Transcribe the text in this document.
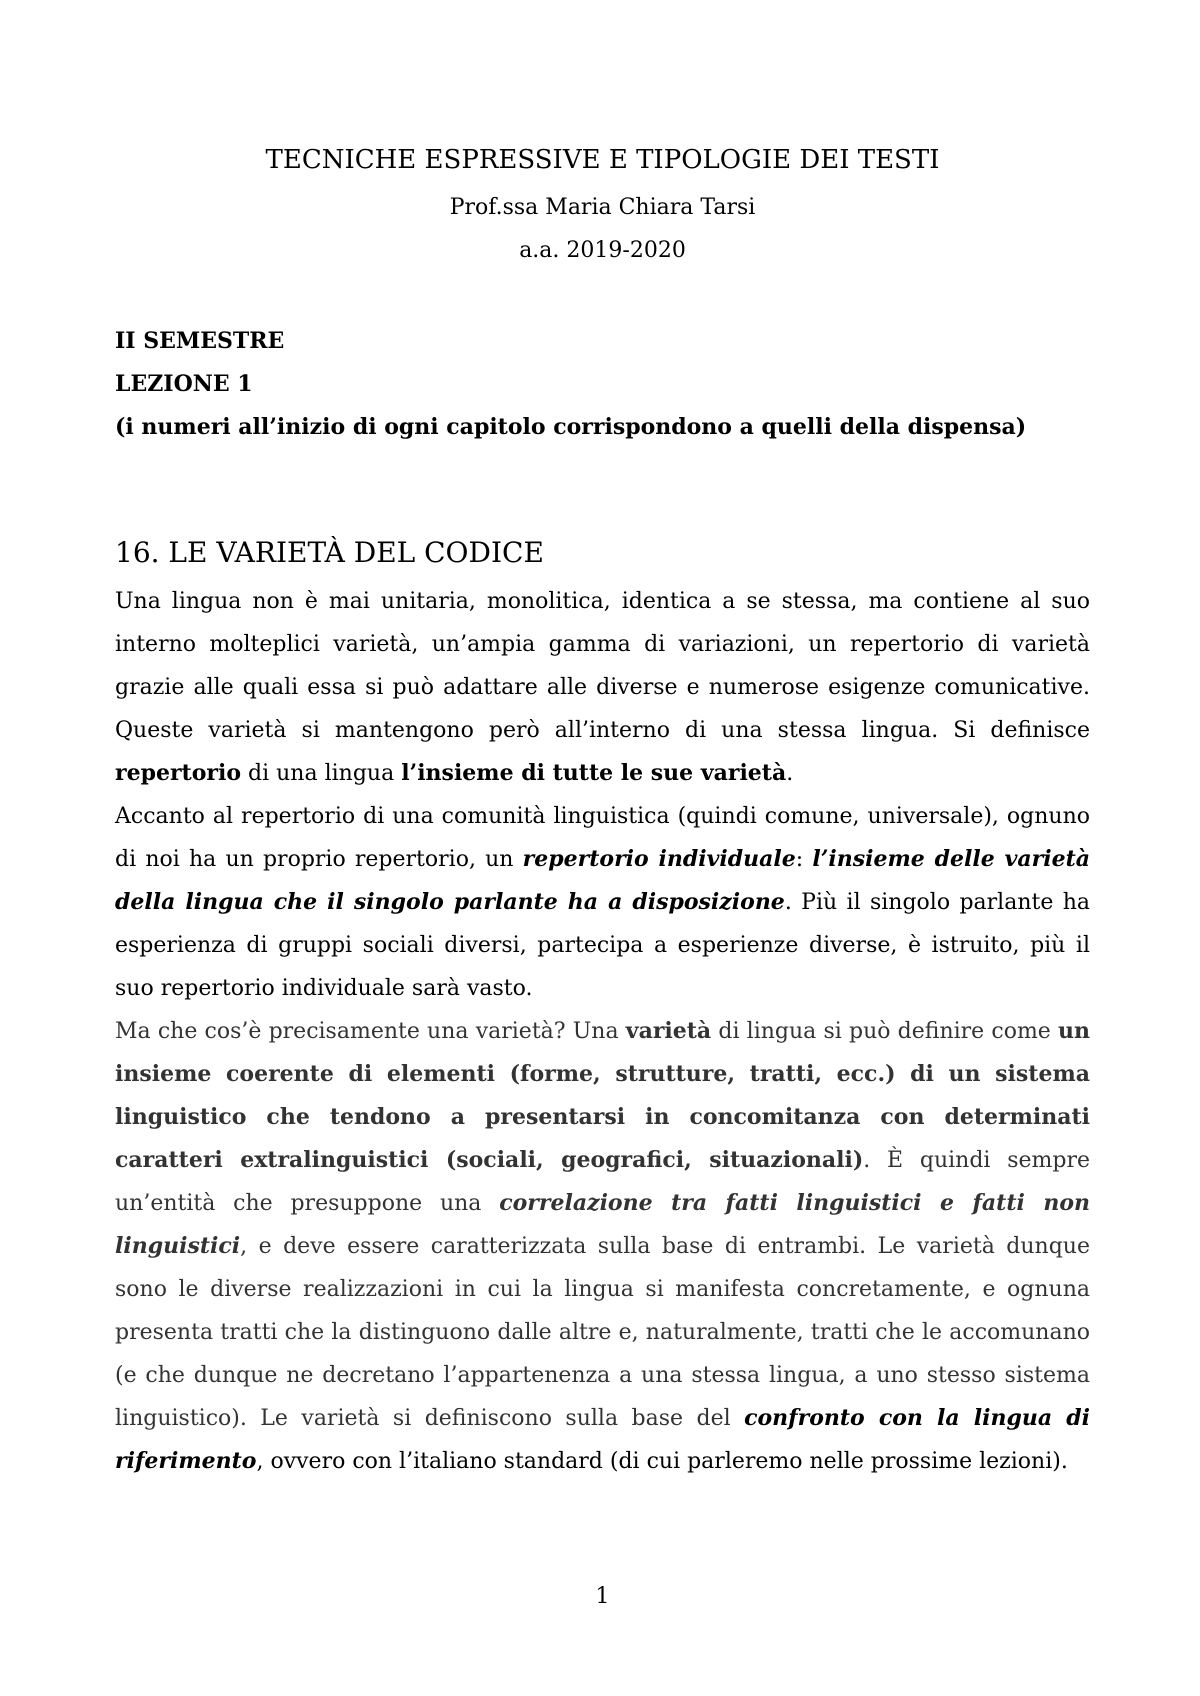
TECNICHE ESPRESSIVE E TIPOLOGIE DEI TESTI
Prof.ssa Maria Chiara Tarsi
a.a. 2019-2020
II SEMESTRE
LEZIONE 1
(i numeri all’inizio di ogni capitolo corrispondono a quelli della dispensa)
16. LE VARIETÀ DEL CODICE

Una lingua non è mai unitaria, monolitica, identica a se stessa, ma contiene al suo interno molteplici varietà, un’ampia gamma di variazioni, un repertorio di varietà grazie alle quali essa si può adattare alle diverse e numerose esigenze comunicative. Queste varietà si mantengono però all’interno di una stessa lingua. Si definisce repertorio di una lingua l’insieme di tutte le sue varietà.

Accanto al repertorio di una comunità linguistica (quindi comune, universale), ognuno di noi ha un proprio repertorio, un repertorio individuale: l’insieme delle varietà della lingua che il singolo parlante ha a disposizione. Più il singolo parlante ha esperienza di gruppi sociali diversi, partecipa a esperienze diverse, è istruito, più il suo repertorio individuale sarà vasto.

Ma che cos’è precisamente una varietà? Una varietà di lingua si può definire come un insieme coerente di elementi (forme, strutture, tratti, ecc.) di un sistema linguistico che tendono a presentarsi in concomitanza con determinati caratteri extralinguistici (sociali, geografici, situazionali). È quindi sempre un’entità che presuppone una correlazione tra fatti linguistici e fatti non linguistici, e deve essere caratterizzata sulla base di entrambi. Le varietà dunque sono le diverse realizzazioni in cui la lingua si manifesta concretamente, e ognuna presenta tratti che la distinguono dalle altre e, naturalmente, tratti che le accomunano (e che dunque ne decretano l’appartenenza a una stessa lingua, a uno stesso sistema linguistico). Le varietà si definiscono sulla base del confronto con la lingua di riferimento, ovvero con l’italiano standard (di cui parleremo nelle prossime lezioni).

1
